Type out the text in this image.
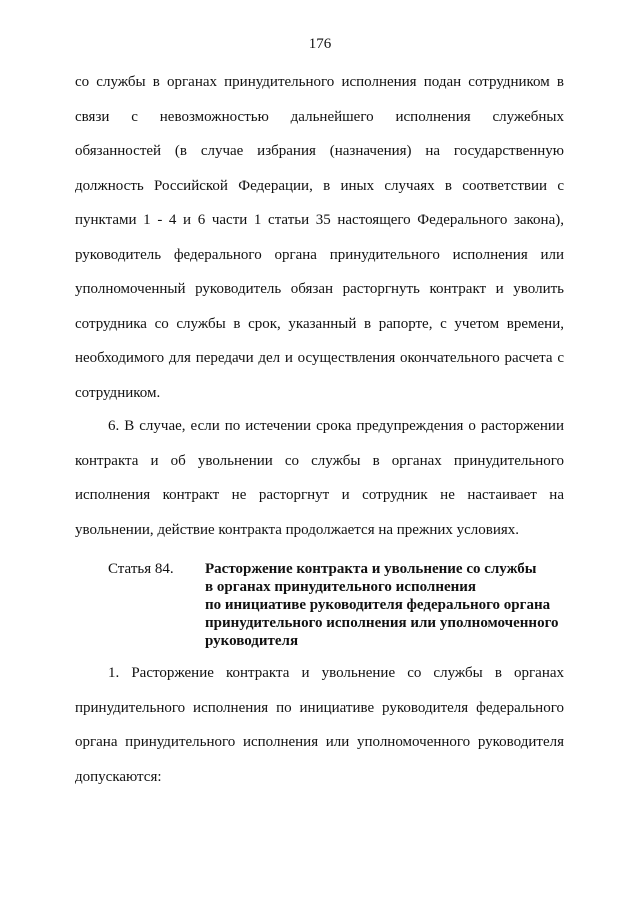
176
со службы в органах принудительного исполнения подан сотрудником в
связи с невозможностью дальнейшего исполнения служебных
обязанностей (в случае избрания (назначения) на государственную
должность Российской Федерации, в иных случаях в соответствии с
пунктами 1 - 4 и 6 части 1 статьи 35 настоящего Федерального закона),
руководитель федерального органа принудительного исполнения или
уполномоченный руководитель обязан расторгнуть контракт и уволить
сотрудника со службы в срок, указанный в рапорте, с учетом времени,
необходимого для передачи дел и осуществления окончательного расчета с
сотрудником.
6. В случае, если по истечении срока предупреждения о расторжении
контракта и об увольнении со службы в органах принудительного
исполнения контракт не расторгнут и сотрудник не настаивает на
увольнении, действие контракта продолжается на прежних условиях.
Статья 84. Расторжение контракта и увольнение со службы
в органах принудительного исполнения
по инициативе руководителя федерального органа
принудительного исполнения или уполномоченного
руководителя
1. Расторжение контракта и увольнение со службы в органах
принудительного исполнения по инициативе руководителя федерального
органа принудительного исполнения или уполномоченного руководителя
допускаются:
